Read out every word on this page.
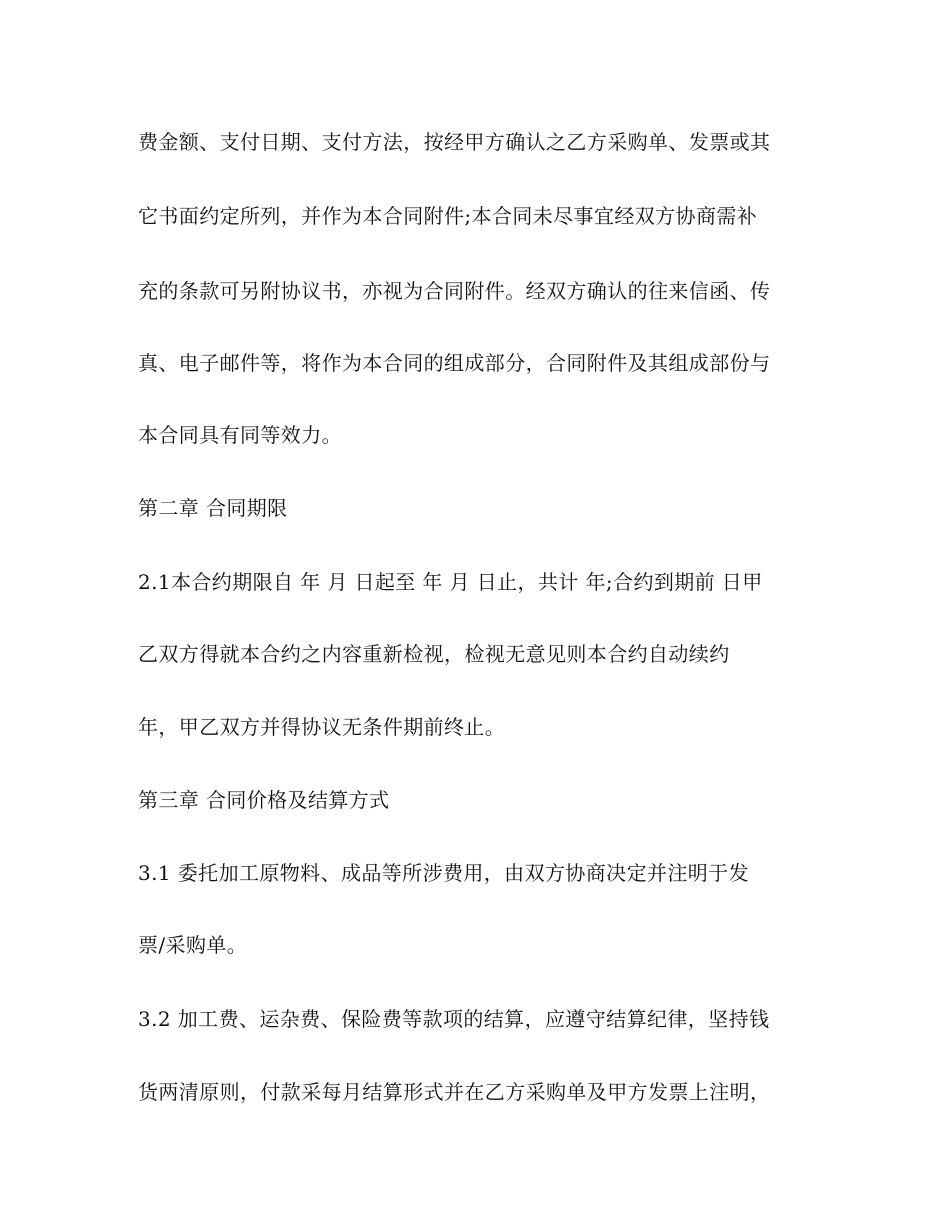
费金额、支付日期、支付方法，按经甲方确认之乙方采购单、发票或其

它书面约定所列，并作为本合同附件;本合同未尽事宜经双方协商需补

充的条款可另附协议书，亦视为合同附件。经双方确认的往来信函、传

真、电子邮件等，将作为本合同的组成部分，合同附件及其组成部份与

本合同具有同等效力。

第二章 合同期限

2.1本合约期限自 年 月 日起至 年 月 日止，共计 年;合约到期前 日甲

乙双方得就本合约之内容重新检视，检视无意见则本合约自动续约

年，甲乙双方并得协议无条件期前终止。

第三章 合同价格及结算方式

3.1 委托加工原物料、成品等所涉费用，由双方协商决定并注明于发

票/采购单。

3.2 加工费、运杂费、保险费等款项的结算，应遵守结算纪律，坚持钱

货两清原则，付款采每月结算形式并在乙方采购单及甲方发票上注明，
